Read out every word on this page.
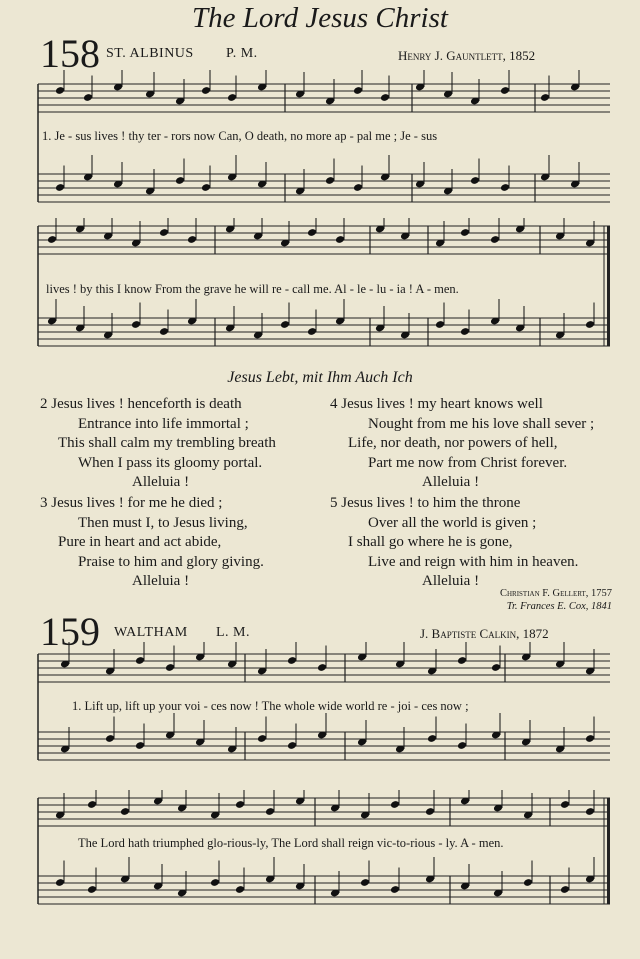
The Lord Jesus Christ
158 ST. ALBINUS P. M.	Henry J. Gauntlett, 1852
1. Je - sus lives ! thy ter - rors now Can, O death, no more ap - pal me ; Je - sus
lives ! by this I know From the grave he will re - call me. Al - le - lu - ia ! A - men.
Jesus Lebt, mit Ihm Auch Ich
2 Jesus lives ! henceforth is death
Entrance into life immortal ;
This shall calm my trembling breath
When I pass its gloomy portal.
Alleluia !
3 Jesus lives ! for me he died ;
Then must I, to Jesus living,
Pure in heart and act abide,
Praise to him and glory giving.
Alleluia !
4 Jesus lives ! my heart knows well
Nought from me his love shall sever ;
Life, nor death, nor powers of hell,
Part me now from Christ forever.
Alleluia !
5 Jesus lives ! to him the throne
Over all the world is given ;
I shall go where he is gone,
Live and reign with him in heaven.
Alleluia !
Christian F. Gellert, 1757
Tr. Frances E. Cox, 1841
159 WALTHAM L. M.	J. Baptiste Calkin, 1872
1. Lift up, lift up your voi - ces now ! The whole wide world re - joi - ces now ;
The Lord hath triumphed glo-rious-ly, The Lord shall reign vic-to-rious - ly. A - men.
